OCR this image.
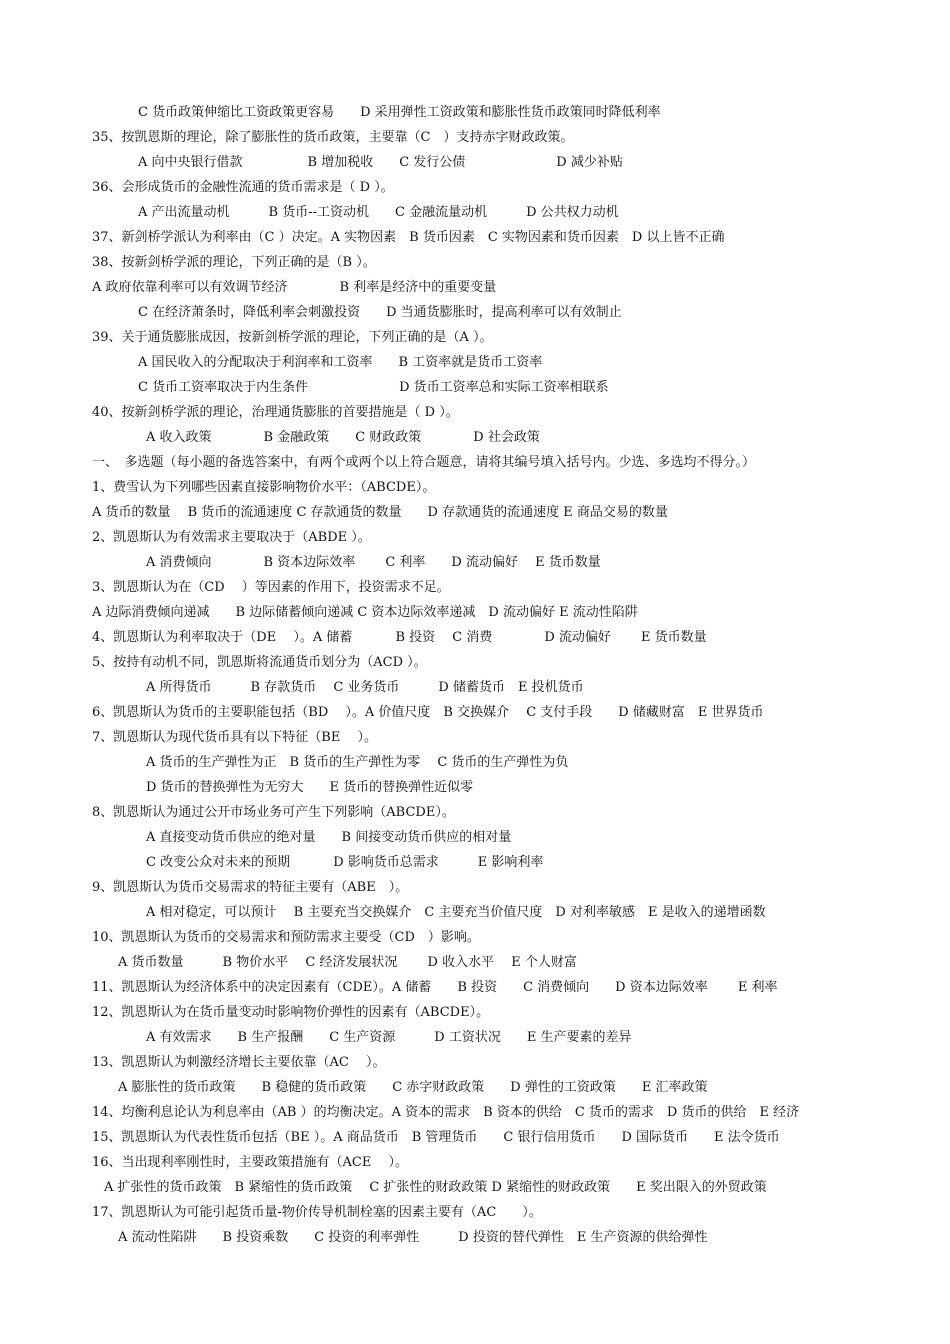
C 货币政策伸缩比工资政策更容易　　D 采用弹性工资政策和膨胀性货币政策同时降低利率
35、按凯恩斯的理论，除了膨胀性的货币政策，主要靠（C　）支持赤字财政政策。
A 向中央银行借款　　　　　B 增加税收　　C 发行公债　　　　　　　D 减少补贴
36、会形成货币的金融性流通的货币需求是（ D ）。
A 产出流量动机　　　B 货币--工资动机　　C 金融流量动机　　　D 公共权力动机
37、新剑桥学派认为利率由（C ）决定。A 实物因素　B 货币因素　C 实物因素和货币因素　D 以上皆不正确
38、按新剑桥学派的理论，下列正确的是（B ）。
A 政府依靠利率可以有效调节经济　　　　B 利率是经济中的重要变量
C 在经济萧条时，降低利率会刺激投资　　D 当通货膨胀时，提高利率可以有效制止
39、关于通货膨胀成因，按新剑桥学派的理论，下列正确的是（A ）。
A 国民收入的分配取决于利润率和工资率　　B 工资率就是货币工资率
C 货币工资率取决于内生条件　　　　　　　D 货币工资率总和实际工资率相联系
40、按新剑桥学派的理论，治理通货膨胀的首要措施是（ D ）。
A 收入政策　　　　B 金融政策　　C 财政政策　　　　D 社会政策
一、　多选题（每小题的备选答案中，有两个或两个以上符合题意，请将其编号填入括号内。少选、多选均不得分。）
1、费雪认为下列哪些因素直接影响物价水平：（ABCDE）。
A 货币的数量　 B 货币的流通速度 C 存款通货的数量　　D 存款通货的流通速度 E 商品交易的数量
2、凯恩斯认为有效需求主要取决于（ABDE ）。
A 消费倾向　　　　B 资本边际效率　　 C 利率　　D 流动偏好　 E 货币数量
3、凯恩斯认为在（CD　 ）等因素的作用下，投资需求不足。
A 边际消费倾向递减　　B 边际储蓄倾向递减 C 资本边际效率递减　D 流动偏好 E 流动性陷阱
4、凯恩斯认为利率取决于（DE　 ）。A 储蓄　　　 B 投资　 C 消费　　　　D 流动偏好　　 E 货币数量
5、按持有动机不同，凯恩斯将流通货币划分为（ACD ）。
A 所得货币　　　B 存款货币　 C 业务货币　　　D 储蓄货币　E 投机货币
6、凯恩斯认为货币的主要职能包括（BD　 ）。A 价值尺度　B 交换媒介　 C 支付手段　　D 储藏财富　E 世界货币
7、凯恩斯认为现代货币具有以下特征（BE　 ）。
A 货币的生产弹性为正　B 货币的生产弹性为零　 C 货币的生产弹性为负
D 货币的替换弹性为无穷大　　E 货币的替换弹性近似零
8、凯恩斯认为通过公开市场业务可产生下列影响（ABCDE）。
A 直接变动货币供应的绝对量　　B 间接变动货币供应的相对量
C 改变公众对未来的预期　　　 D 影响货币总需求　　　E 影响利率
9、凯恩斯认为货币交易需求的特征主要有（ABE　）。
A 相对稳定，可以预计　 B 主要充当交换媒介　C 主要充当价值尺度　D 对利率敏感　E 是收入的递增函数
10、凯恩斯认为货币的交易需求和预防需求主要受（CD　）影响。
A 货币数量　　　B 物价水平　 C 经济发展状况　　 D 收入水平　 E 个人财富
11、凯恩斯认为经济体系中的决定因素有（CDE）。A 储蓄　　B 投资　　C 消费倾向　　D 资本边际效率　　 E 利率
12、凯恩斯认为在货币量变动时影响物价弹性的因素有（ABCDE）。
A 有效需求　　B 生产报酬　　C 生产资源　　　D 工资状况　　E 生产要素的差异
13、凯恩斯认为刺激经济增长主要依靠（AC　 ）。
A 膨胀性的货币政策　　B 稳健的货币政策　　C 赤字财政政策　　D 弹性的工资政策　　E 汇率政策
14、均衡利息论认为利息率由（AB ）的均衡决定。A 资本的需求　B 资本的供给　C 货币的需求　D 货币的供给　E 经济
15、凯恩斯认为代表性货币包括（BE ）。A 商品货币　B 管理货币　　C 银行信用货币　　D 国际货币　　E 法令货币
16、当出现利率刚性时，主要政策措施有（ACE　 ）。
A 扩张性的货币政策　B 紧缩性的货币政策　 C 扩张性的财政政策 D 紧缩性的财政政策　　E 奖出限入的外贸政策
17、凯恩斯认为可能引起货币量-物价传导机制栓塞的因素主要有（AC　　）。
A 流动性陷阱　　B 投资乘数　　C 投资的利率弹性　　　D 投资的替代弹性　E 生产资源的供给弹性
